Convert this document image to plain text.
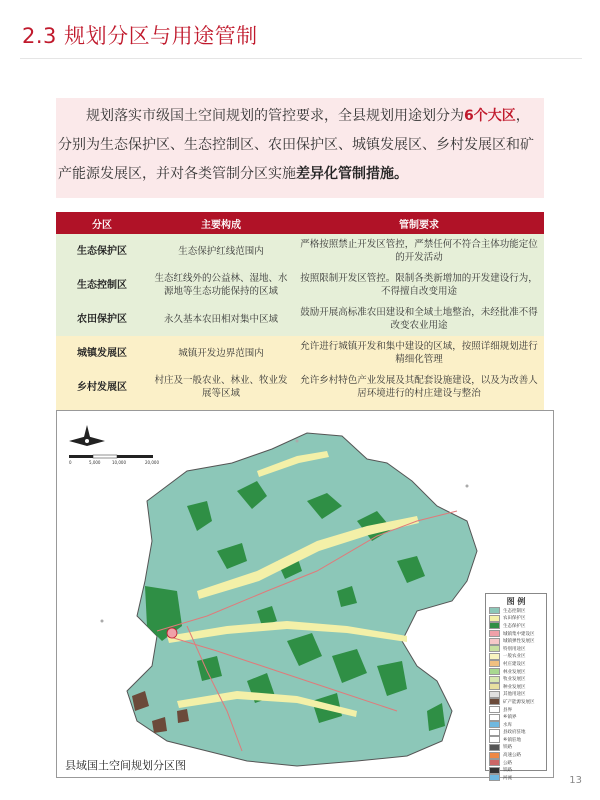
2.3 规划分区与用途管制
规划落实市级国土空间规划的管控要求，全县规划用途划分为6个大区，分别为生态保护区、生态控制区、农田保护区、城镇发展区、乡村发展区和矿产能源发展区，并对各类管制分区实施差异化管制措施。
分区	主要构成	管制要求
生态保护区	生态保护红线范围内	严格按照禁止开发区管控，严禁任何不符合主体功能定位的开发活动
生态控制区	生态红线外的公益林、湿地、水源地等生态功能保持的区域	按照限制开发区管控。限制各类新增加的开发建设行为，不得擅自改变用途
农田保护区	永久基本农田相对集中区域	鼓励开展高标准农田建设和全域土地整治，未经批准不得改变农业用途
城镇发展区	城镇开发边界范围内	允许进行城镇开发和集中建设的区域，按照详细规划进行精细化管理
乡村发展区	村庄及一般农业、林业、牧业发展等区域	允许乡村特色产业发展及其配套设施建设，以及为改善人居环境进行的村庄建设与整治

0	5,000	10,000	20,000
图 例
生态控制区
农田保护区
生态保护区
城镇集中建设区
城镇弹性发展区
特别用途区
一般农业区
村庄建设区
林业发展区
牧业发展区
种业发展区
其他用途区
矿产能源发展区
县界
乡镇界
水库
县政府驻地
乡镇驻地
铁路
高速公路
公路
铁路
河流
县域国土空间规划分区图
13
